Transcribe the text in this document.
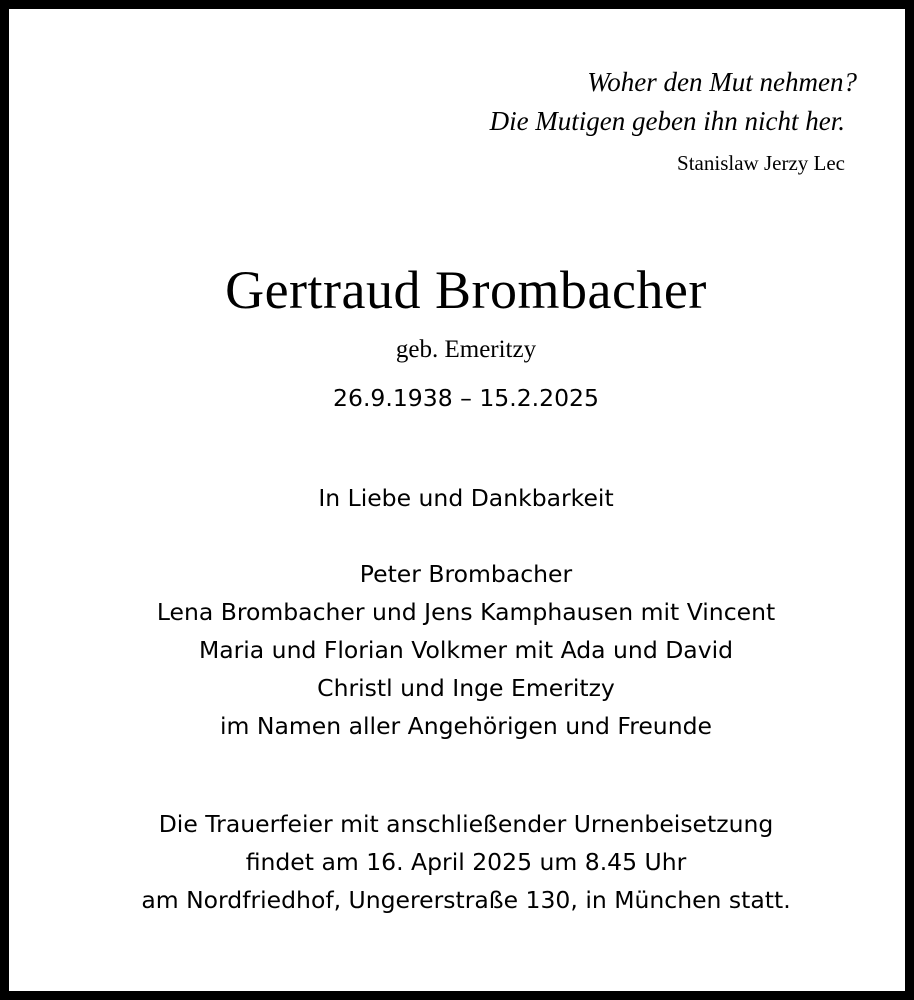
Woher den Mut nehmen?
Die Mutigen geben ihn nicht her.
Stanislaw Jerzy Lec
Gertraud Brombacher
geb. Emeritzy
26.9.1938 – 15.2.2025
In Liebe und Dankbarkeit
Peter Brombacher
Lena Brombacher und Jens Kamphausen mit Vincent
Maria und Florian Volkmer mit Ada und David
Christl und Inge Emeritzy
im Namen aller Angehörigen und Freunde
Die Trauerfeier mit anschließender Urnenbeisetzung
findet am 16. April 2025 um 8.45 Uhr
am Nordfriedhof, Ungererstraße 130, in München statt.
